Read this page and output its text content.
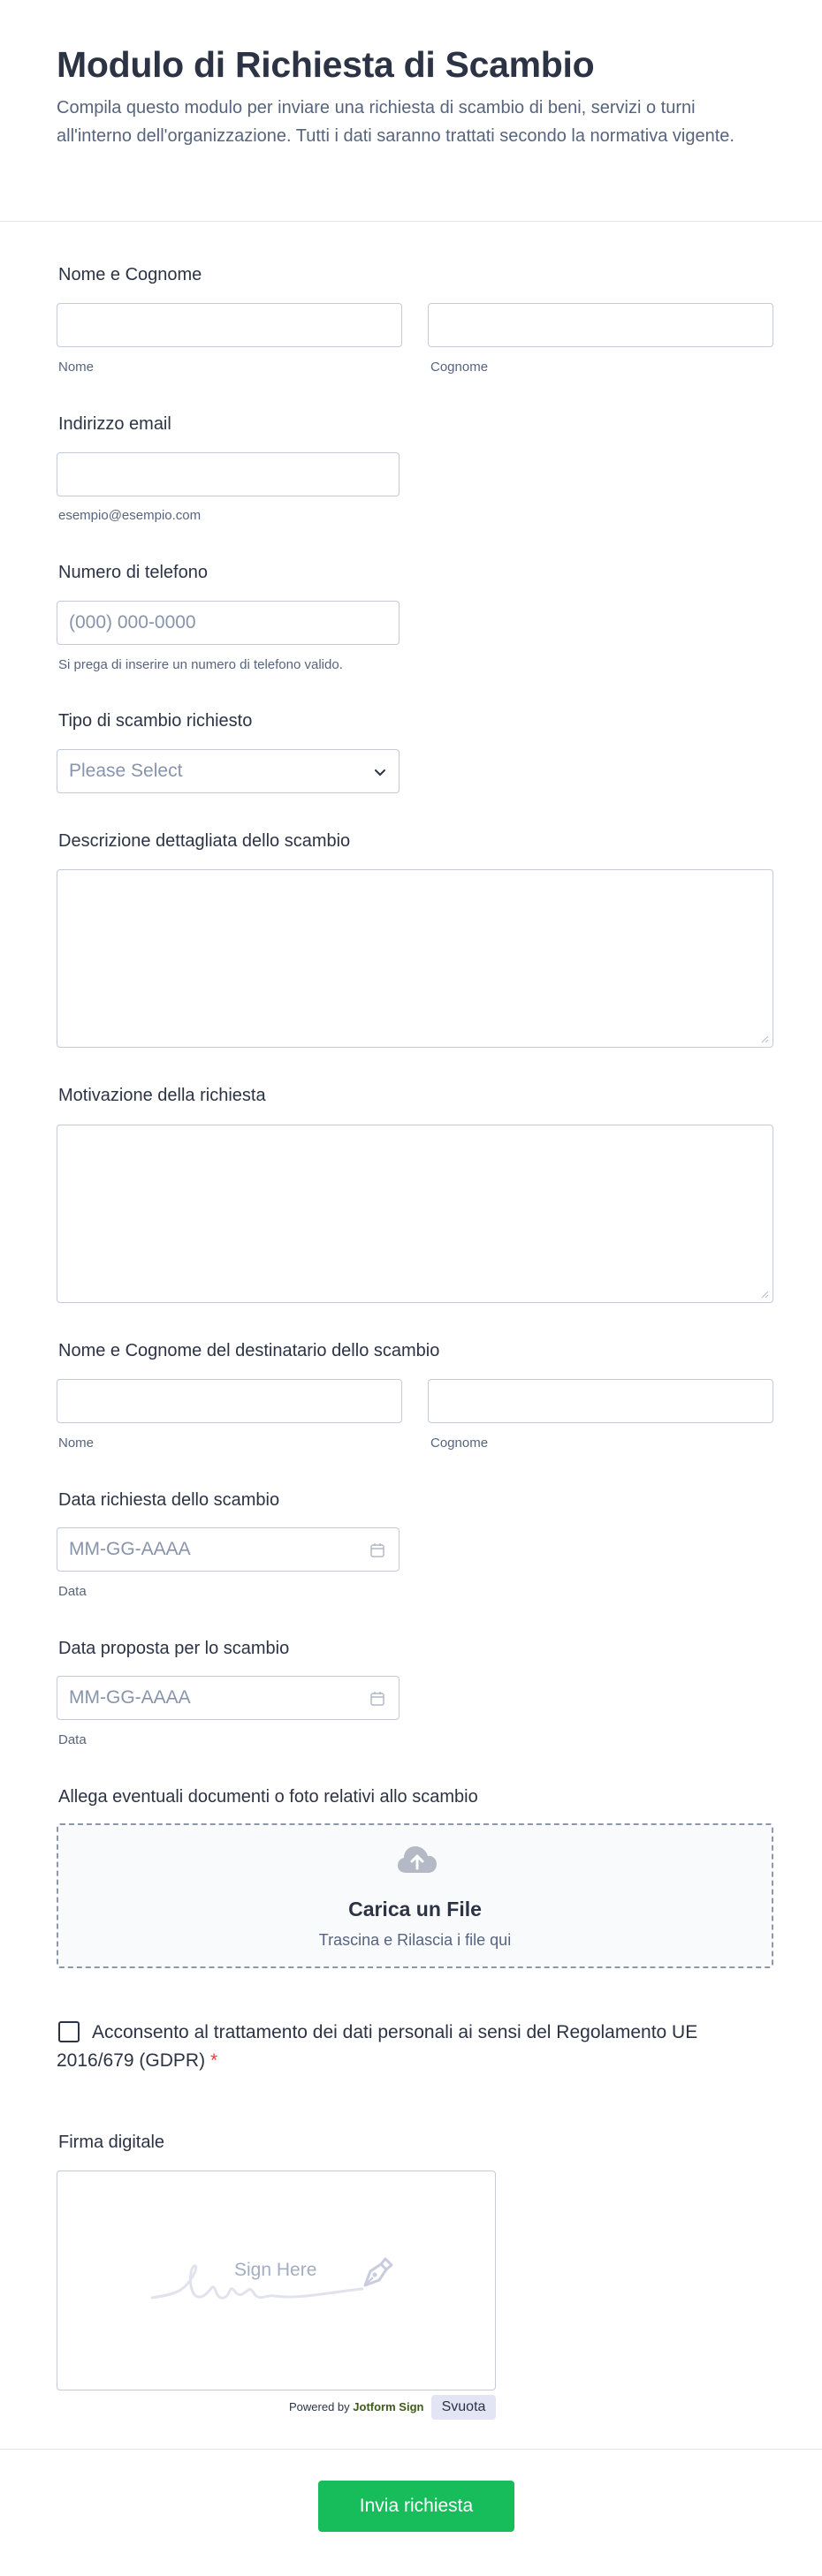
Modulo di Richiesta di Scambio
Compila questo modulo per inviare una richiesta di scambio di beni, servizi o turni all'interno dell'organizzazione. Tutti i dati saranno trattati secondo la normativa vigente.
Nome e Cognome
Nome	Cognome
Indirizzo email
esempio@esempio.com
Numero di telefono
(000) 000-0000
Si prega di inserire un numero di telefono valido.
Tipo di scambio richiesto
Please Select
Descrizione dettagliata dello scambio
Motivazione della richiesta
Nome e Cognome del destinatario dello scambio
Nome	Cognome
Data richiesta dello scambio
MM-GG-AAAA
Data
Data proposta per lo scambio
MM-GG-AAAA
Data
Allega eventuali documenti o foto relativi allo scambio
Carica un File
Trascina e Rilascia i file qui
Acconsento al trattamento dei dati personali ai sensi del Regolamento UE 2016/679 (GDPR) *
Firma digitale
Sign Here
Powered by Jotform Sign	Svuota
Invia richiesta
